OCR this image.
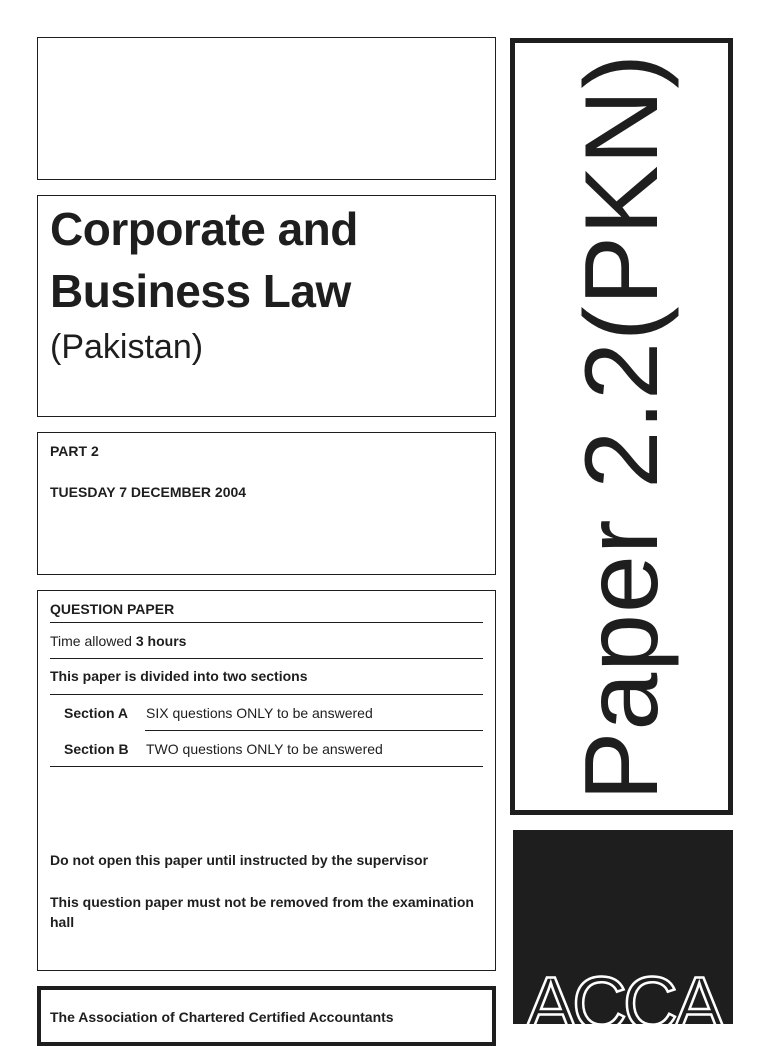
Corporate and
Business Law
(Pakistan)
PART 2
TUESDAY 7 DECEMBER 2004
QUESTION PAPER
Time allowed 3 hours
This paper is divided into two sections
Section A SIX questions ONLY to be answered
Section B TWO questions ONLY to be answered
Do not open this paper until instructed by the supervisor
This question paper must not be removed from the examination
hall
The Association of Chartered Certified Accountants
Paper 2.2(PKN)
ACCA
